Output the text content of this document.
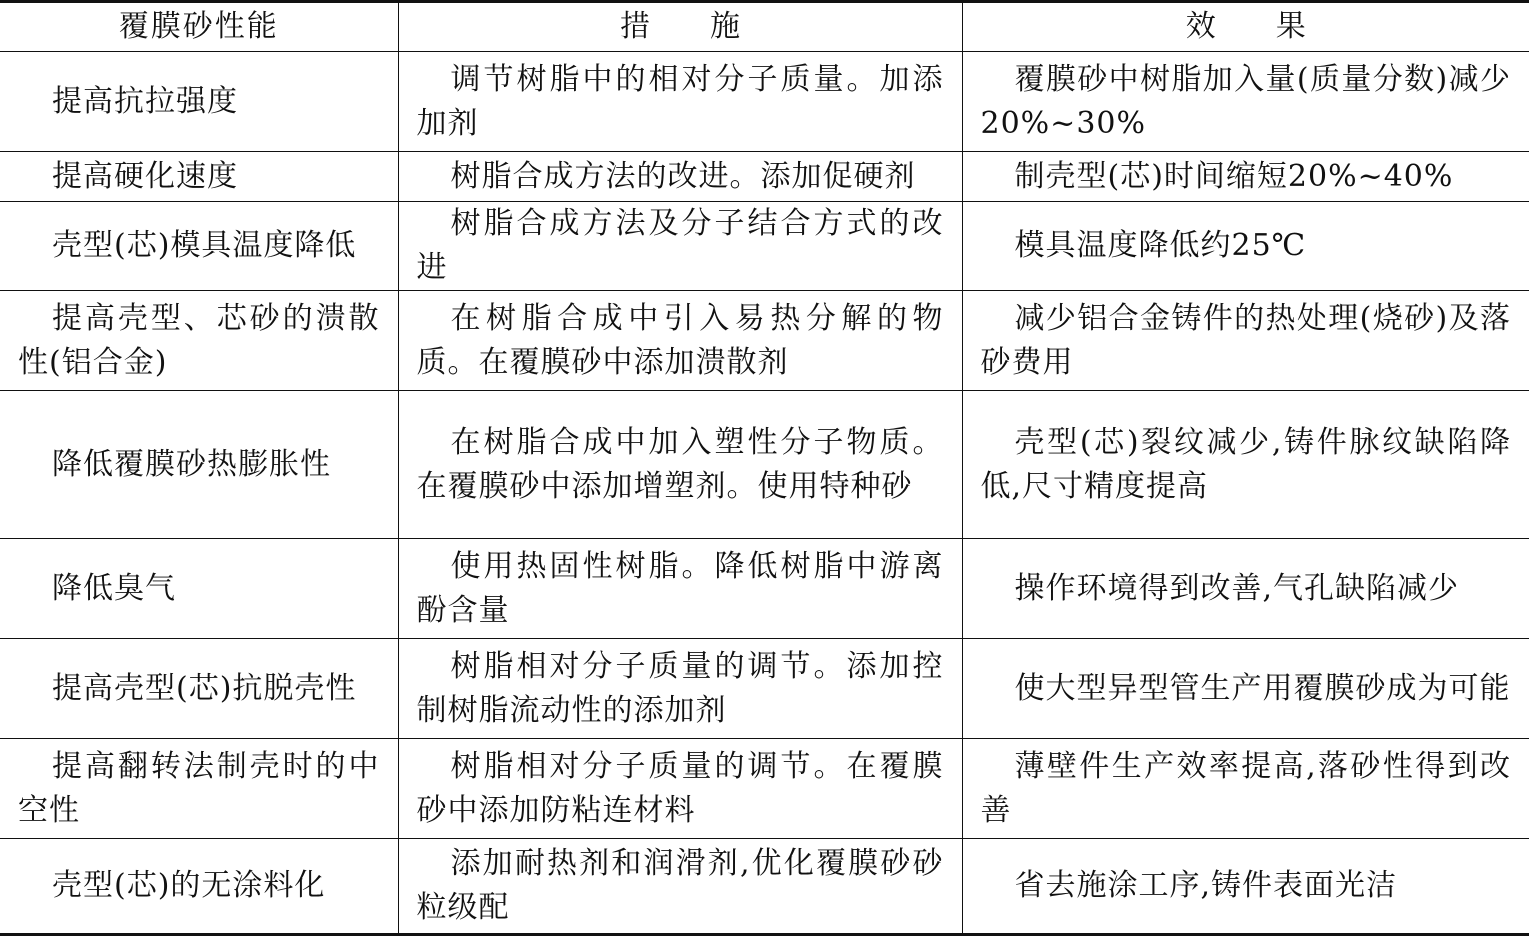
覆膜砂性能	措施	效果
提高抗拉强度	调节树脂中的相对分子质量。加添加剂	覆膜砂中树脂加入量(质量分数)减少20%~30%
提高硬化速度	树脂合成方法的改进。添加促硬剂	制壳型(芯)时间缩短20%~40%
壳型(芯)模具温度降低	树脂合成方法及分子结合方式的改进	模具温度降低约25℃
提高壳型、芯砂的溃散性(铝合金)	在树脂合成中引入易热分解的物质。在覆膜砂中添加溃散剂	减少铝合金铸件的热处理(烧砂)及落砂费用
降低覆膜砂热膨胀性	在树脂合成中加入塑性分子物质。在覆膜砂中添加增塑剂。使用特种砂	壳型(芯)裂纹减少,铸件脉纹缺陷降低,尺寸精度提高
降低臭气	使用热固性树脂。降低树脂中游离酚含量	操作环境得到改善,气孔缺陷减少
提高壳型(芯)抗脱壳性	树脂相对分子质量的调节。添加控制树脂流动性的添加剂	使大型异型管生产用覆膜砂成为可能
提高翻转法制壳时的中空性	树脂相对分子质量的调节。在覆膜砂中添加防粘连材料	薄壁件生产效率提高,落砂性得到改善
壳型(芯)的无涂料化	添加耐热剂和润滑剂,优化覆膜砂砂粒级配	省去施涂工序,铸件表面光洁
